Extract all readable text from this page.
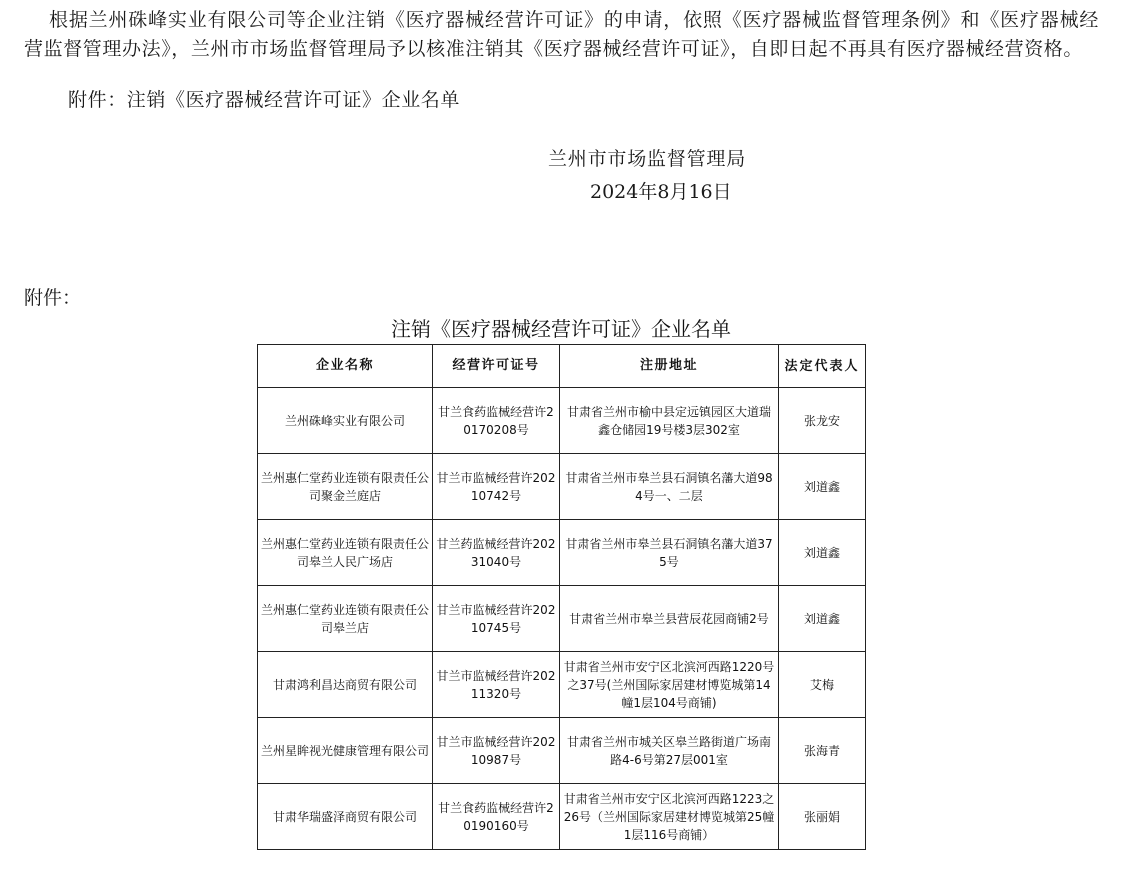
根据兰州硃峰实业有限公司等企业注销《医疗器械经营许可证》的申请，依照《医疗器械监督管理条例》和《医疗器械经营监督管理办法》，兰州市市场监督管理局予以核准注销其《医疗器械经营许可证》，自即日起不再具有医疗器械经营资格。

附件：注销《医疗器械经营许可证》企业名单

兰州市市场监督管理局
2024年8月16日
附件：
注销《医疗器械经营许可证》企业名单
企业名称	经营许可证号	注册地址	法定代表人
兰州硃峰实业有限公司	甘兰食药监械经营许20170208号	甘肃省兰州市榆中县定远镇园区大道瑞鑫仓储园19号楼3层302室	张龙安
兰州惠仁堂药业连锁有限责任公司聚金兰庭店	甘兰市监械经营许20210742号	甘肃省兰州市皋兰县石洞镇名藩大道984号一、二层	刘道鑫
兰州惠仁堂药业连锁有限责任公司皋兰人民广场店	甘兰药监械经营许20231040号	甘肃省兰州市皋兰县石洞镇名藩大道375号	刘道鑫
兰州惠仁堂药业连锁有限责任公司皋兰店	甘兰市监械经营许20210745号	甘肃省兰州市皋兰县营辰花园商铺2号	刘道鑫
甘肃鸿利昌达商贸有限公司	甘兰市监械经营许20211320号	甘肃省兰州市安宁区北滨河西路1220号之37号(兰州国际家居建材博览城第14幢1层104号商铺)	艾梅
兰州星眸视光健康管理有限公司	甘兰市监械经营许20210987号	甘肃省兰州市城关区皋兰路街道广场南路4-6号第27层001室	张海青
甘肃华瑞盛泽商贸有限公司	甘兰食药监械经营许20190160号	甘肃省兰州市安宁区北滨河西路1223之26号（兰州国际家居建材博览城第25幢1层116号商铺）	张丽娟
